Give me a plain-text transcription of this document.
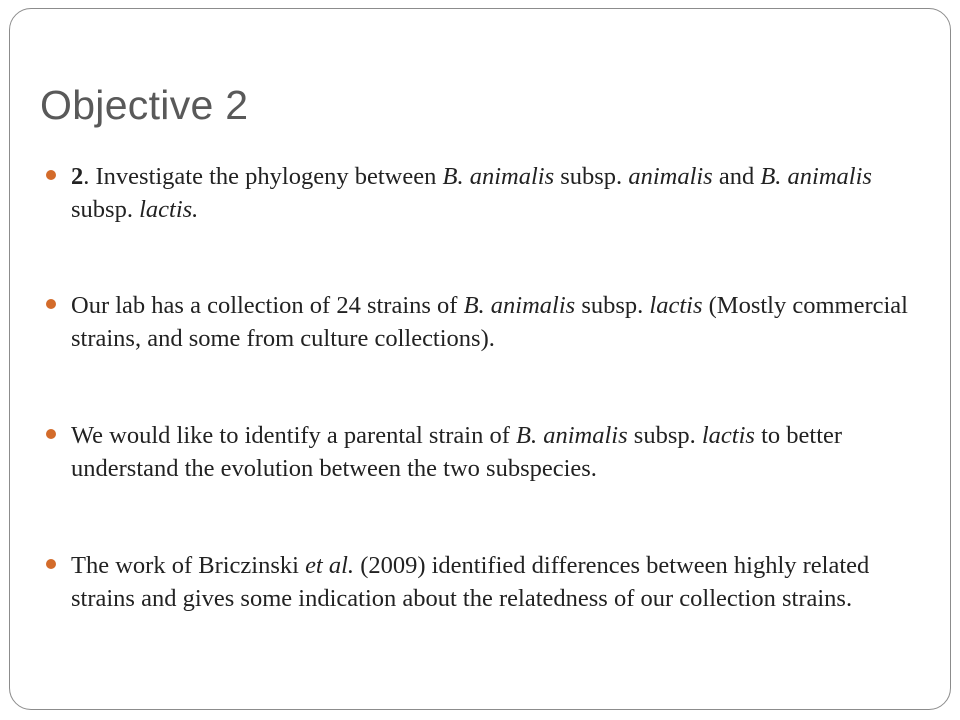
Objective 2
2. Investigate the phylogeny between B. animalis subsp. animalis and B. animalis subsp. lactis.
Our lab has a collection of 24 strains of B. animalis subsp. lactis (Mostly commercial strains, and some from culture collections).
We would like to identify a parental strain of B. animalis subsp. lactis to better understand the evolution between the two subspecies.
The work of Briczinski et al. (2009) identified differences between highly related strains and gives some indication about the relatedness of our collection strains.
